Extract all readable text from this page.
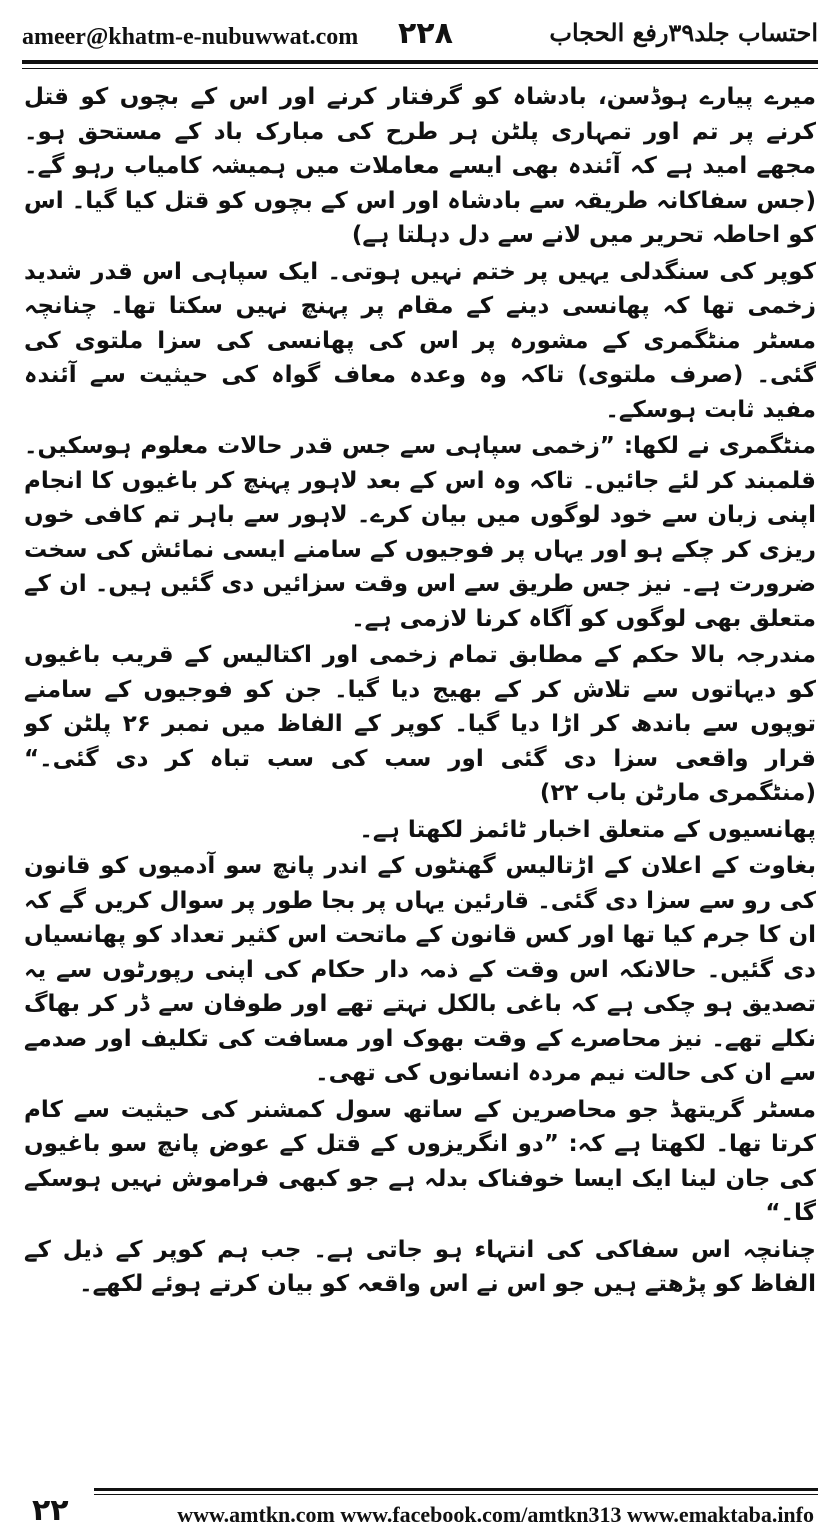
ameer@khatm-e-nubuwwat.com ۲۲۸	احتساب جلد۳۹رفع الحجاب

میرے پیارے ہوڈسن، بادشاہ کو گرفتار کرنے اور اس کے بچوں کو قتل کرنے پر تم اور تمہاری پلٹن ہر طرح کی مبارک باد کے مستحق ہو۔ مجھے امید ہے کہ آئندہ بھی ایسے معاملات میں ہمیشہ کامیاب رہو گے۔ (جس سفاکانہ طریقہ سے بادشاہ اور اس کے بچوں کو قتل کیا گیا۔ اس کو احاطہ تحریر میں لانے سے دل دہلتا ہے)

کوپر کی سنگدلی یہیں پر ختم نہیں ہوتی۔ ایک سپاہی اس قدر شدید زخمی تھا کہ پھانسی دینے کے مقام پر پہنچ نہیں سکتا تھا۔ چنانچہ مسٹر منٹگمری کے مشورہ پر اس کی پھانسی کی سزا ملتوی کی گئی۔ (صرف ملتوی) تاکہ وہ وعدہ معاف گواہ کی حیثیت سے آئندہ مفید ثابت ہوسکے۔

منٹگمری نے لکھا: ”زخمی سپاہی سے جس قدر حالات معلوم ہوسکیں۔ قلمبند کر لئے جائیں۔ تاکہ وہ اس کے بعد لاہور پہنچ کر باغیوں کا انجام اپنی زبان سے خود لوگوں میں بیان کرے۔ لاہور سے باہر تم کافی خوں ریزی کر چکے ہو اور یہاں پر فوجیوں کے سامنے ایسی نمائش کی سخت ضرورت ہے۔ نیز جس طریق سے اس وقت سزائیں دی گئیں ہیں۔ ان کے متعلق بھی لوگوں کو آگاہ کرنا لازمی ہے۔

مندرجہ بالا حکم کے مطابق تمام زخمی اور اکتالیس کے قریب باغیوں کو دیہاتوں سے تلاش کر کے بھیج دیا گیا۔ جن کو فوجیوں کے سامنے توپوں سے باندھ کر اڑا دیا گیا۔ کوپر کے الفاظ میں نمبر ۲۶ پلٹن کو قرار واقعی سزا دی گئی اور سب کی سب تباہ کر دی گئی۔“ (منٹگمری مارٹن باب ۲۲)

پھانسیوں کے متعلق اخبار ٹائمز لکھتا ہے۔

بغاوت کے اعلان کے اڑتالیس گھنٹوں کے اندر پانچ سو آدمیوں کو قانون کی رو سے سزا دی گئی۔ قارئین یہاں پر بجا طور پر سوال کریں گے کہ ان کا جرم کیا تھا اور کس قانون کے ماتحت اس کثیر تعداد کو پھانسیاں دی گئیں۔ حالانکہ اس وقت کے ذمہ دار حکام کی اپنی رپورٹوں سے یہ تصدیق ہو چکی ہے کہ باغی بالکل نہتے تھے اور طوفان سے ڈر کر بھاگ نکلے تھے۔ نیز محاصرے کے وقت بھوک اور مسافت کی تکلیف اور صدمے سے ان کی حالت نیم مردہ انسانوں کی تھی۔

مسٹر گریتھڈ جو محاصرین کے ساتھ سول کمشنر کی حیثیت سے کام کرتا تھا۔ لکھتا ہے کہ: ”دو انگریزوں کے قتل کے عوض پانچ سو باغیوں کی جان لینا ایک ایسا خوفناک بدلہ ہے جو کبھی فراموش نہیں ہوسکے گا۔“

چنانچہ اس سفاکی کی انتہاء ہو جاتی ہے۔ جب ہم کوپر کے ذیل کے الفاظ کو پڑھتے ہیں جو اس نے اس واقعہ کو بیان کرتے ہوئے لکھے۔

۲۲	www.amtkn.com www.facebook.com/amtkn313 www.emaktaba.info
